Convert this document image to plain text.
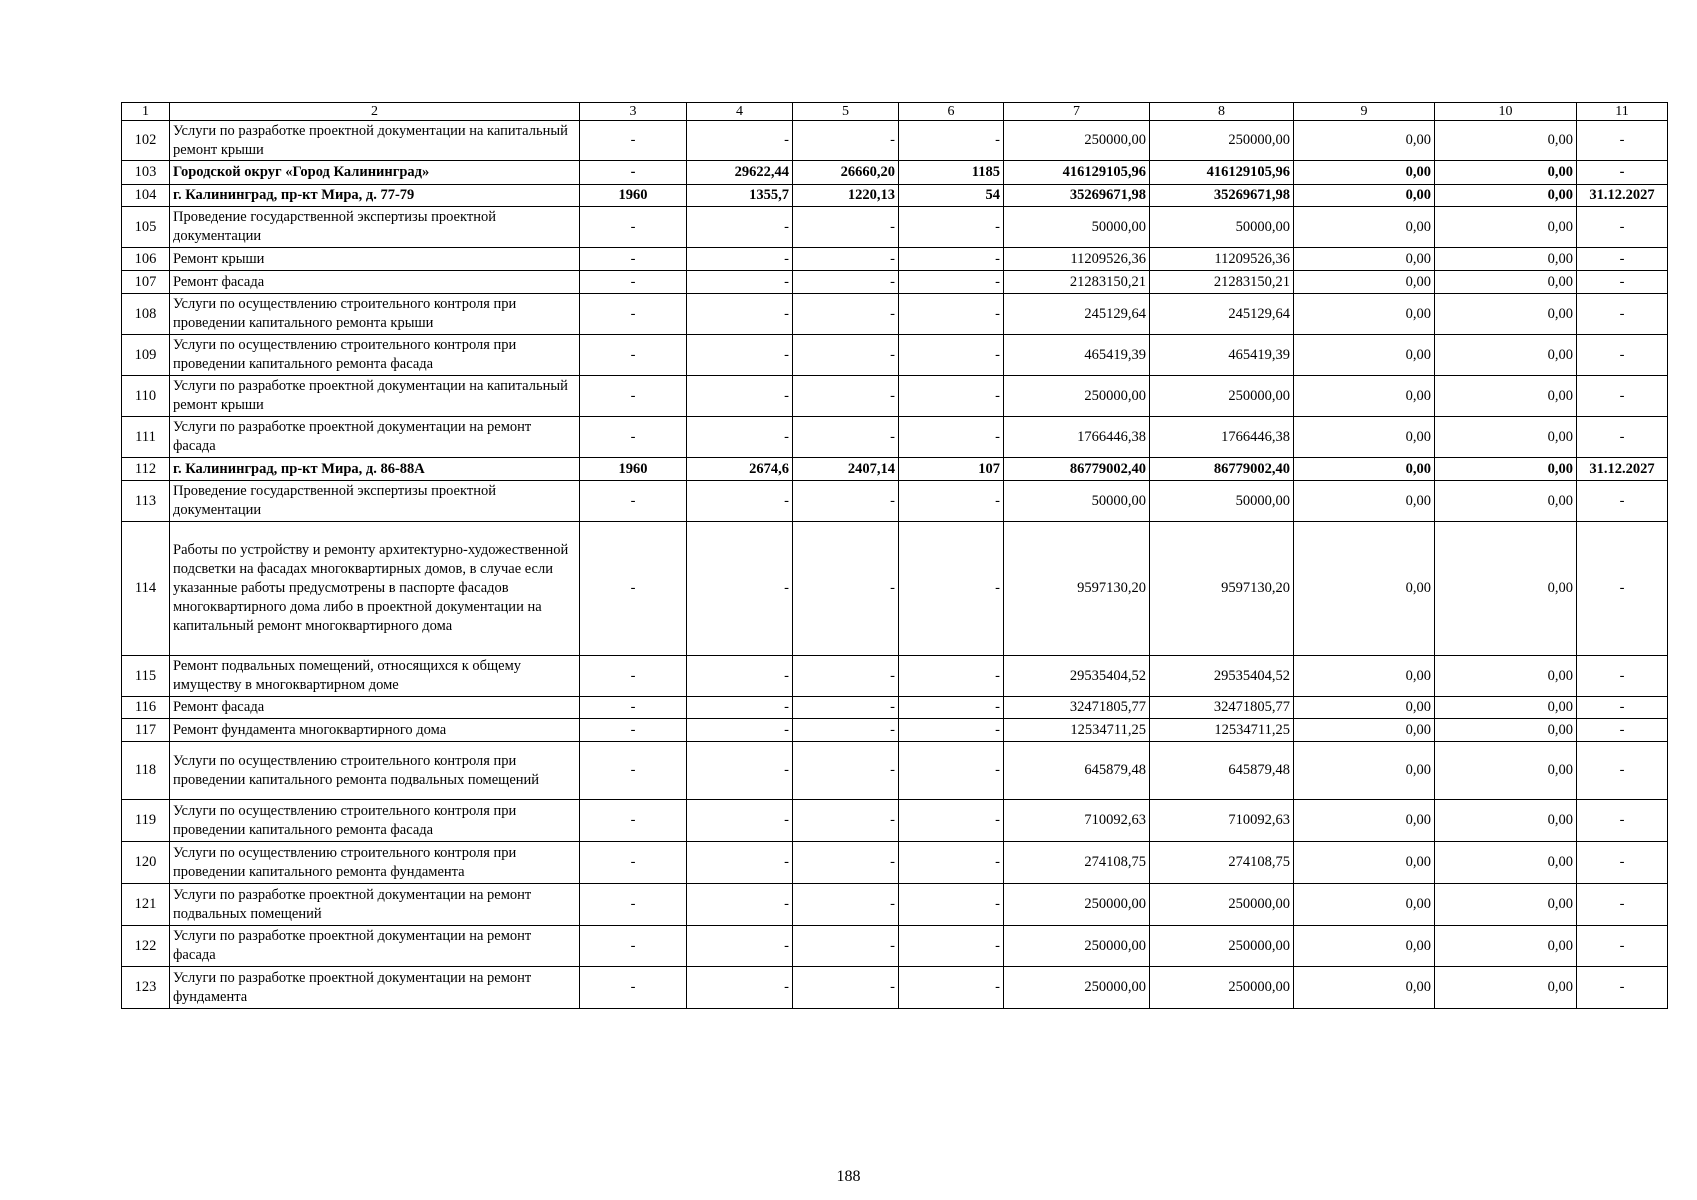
1	2	3	4	5	6	7	8	9	10	11
102	Услуги по разработке проектной документации на капитальный ремонт крыши	-	-	-	-	250000,00	250000,00	0,00	0,00	-
103	Городской округ «Город Калининград»	-	29622,44	26660,20	1185	416129105,96	416129105,96	0,00	0,00	-
104	г. Калининград, пр-кт Мира, д. 77-79	1960	1355,7	1220,13	54	35269671,98	35269671,98	0,00	0,00	31.12.2027
105	Проведение государственной экспертизы проектной документации	-	-	-	-	50000,00	50000,00	0,00	0,00	-
106	Ремонт крыши	-	-	-	-	11209526,36	11209526,36	0,00	0,00	-
107	Ремонт фасада	-	-	-	-	21283150,21	21283150,21	0,00	0,00	-
108	Услуги по осуществлению строительного контроля при проведении капитального ремонта крыши	-	-	-	-	245129,64	245129,64	0,00	0,00	-
109	Услуги по осуществлению строительного контроля при проведении капитального ремонта фасада	-	-	-	-	465419,39	465419,39	0,00	0,00	-
110	Услуги по разработке проектной документации на капитальный ремонт крыши	-	-	-	-	250000,00	250000,00	0,00	0,00	-
111	Услуги по разработке проектной документации на ремонт фасада	-	-	-	-	1766446,38	1766446,38	0,00	0,00	-
112	г. Калининград, пр-кт Мира, д. 86-88А	1960	2674,6	2407,14	107	86779002,40	86779002,40	0,00	0,00	31.12.2027
113	Проведение государственной экспертизы проектной документации	-	-	-	-	50000,00	50000,00	0,00	0,00	-
114	Работы по устройству и ремонту архитектурно-художественной подсветки на фасадах многоквартирных домов, в случае если указанные работы предусмотрены в паспорте фасадов многоквартирного дома либо в проектной документации на капитальный ремонт многоквартирного дома	-	-	-	-	9597130,20	9597130,20	0,00	0,00	-
115	Ремонт подвальных помещений, относящихся к общему имуществу в многоквартирном доме	-	-	-	-	29535404,52	29535404,52	0,00	0,00	-
116	Ремонт фасада	-	-	-	-	32471805,77	32471805,77	0,00	0,00	-
117	Ремонт фундамента многоквартирного дома	-	-	-	-	12534711,25	12534711,25	0,00	0,00	-
118	Услуги по осуществлению строительного контроля при проведении капитального ремонта подвальных помещений	-	-	-	-	645879,48	645879,48	0,00	0,00	-
119	Услуги по осуществлению строительного контроля при проведении капитального ремонта фасада	-	-	-	-	710092,63	710092,63	0,00	0,00	-
120	Услуги по осуществлению строительного контроля при проведении капитального ремонта фундамента	-	-	-	-	274108,75	274108,75	0,00	0,00	-
121	Услуги по разработке проектной документации на ремонт подвальных помещений	-	-	-	-	250000,00	250000,00	0,00	0,00	-
122	Услуги по разработке проектной документации на ремонт фасада	-	-	-	-	250000,00	250000,00	0,00	0,00	-
123	Услуги по разработке проектной документации на ремонт фундамента	-	-	-	-	250000,00	250000,00	0,00	0,00	-
188
